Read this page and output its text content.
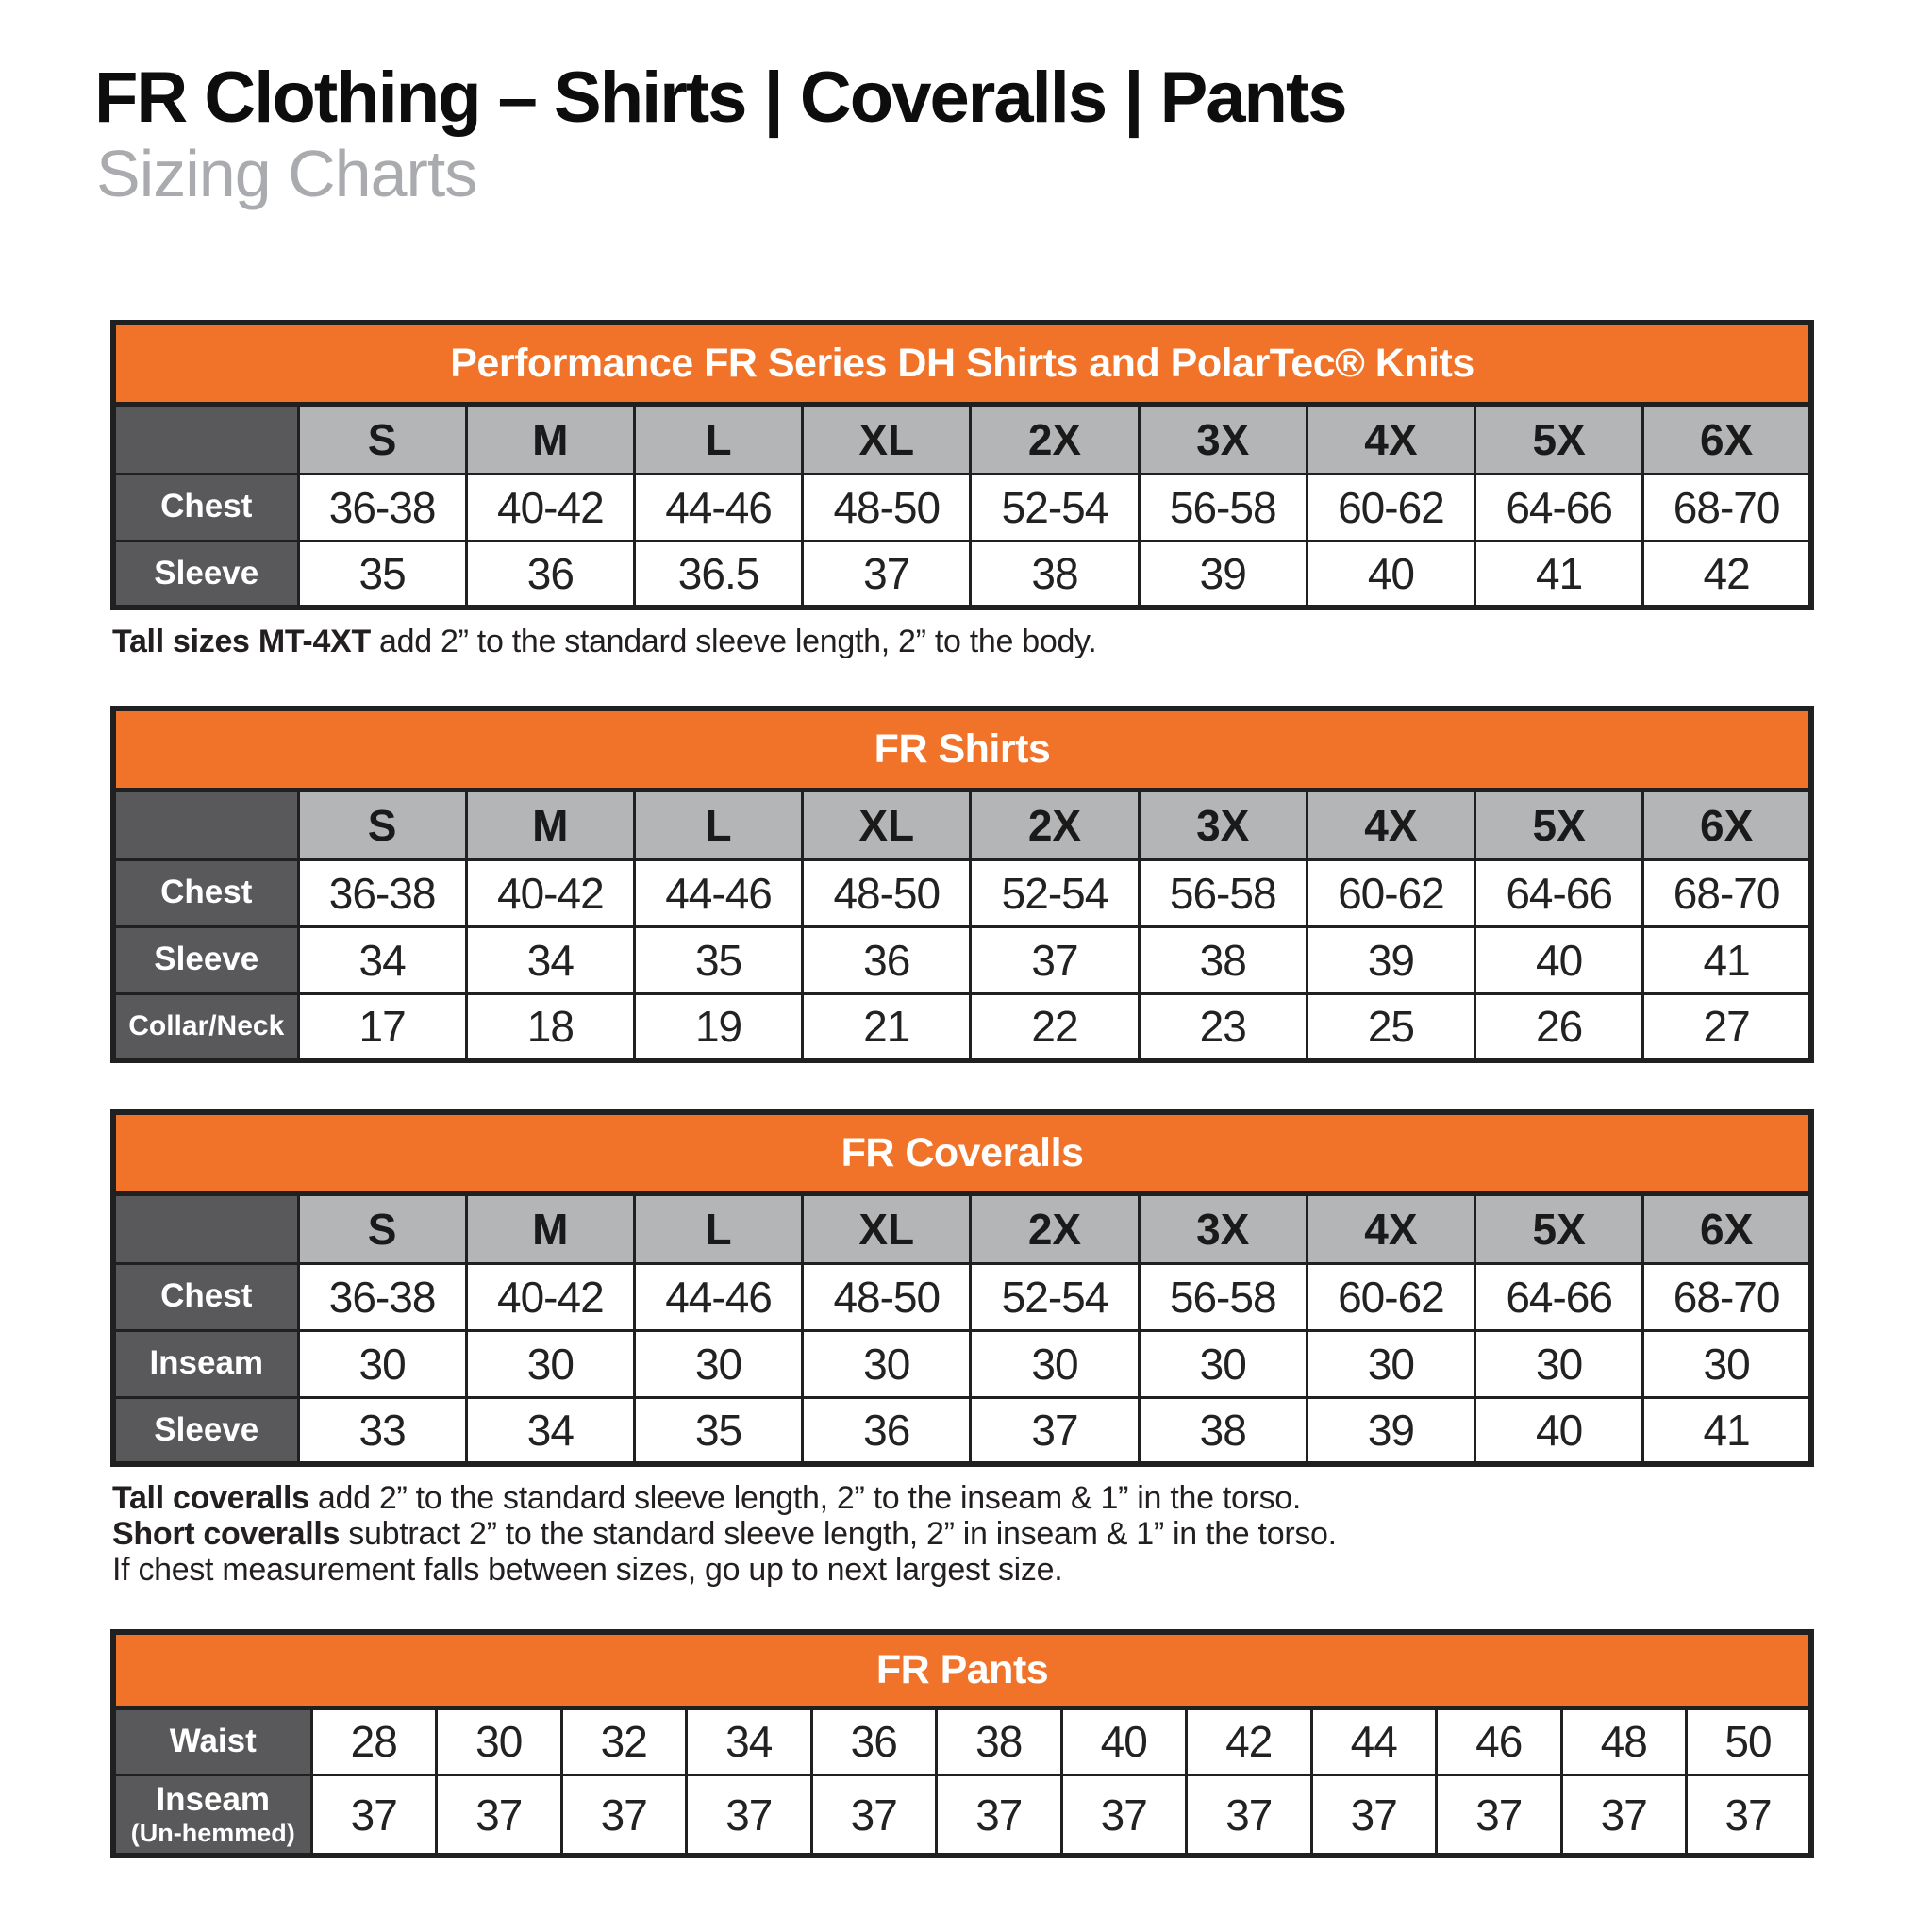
FR Clothing – Shirts | Coveralls | Pants
Sizing Charts
Performance FR Series DH Shirts and PolarTec® Knits									
	S	M	L	XL	2X	3X	4X	5X	6X
Chest	36-38	40-42	44-46	48-50	52-54	56-58	60-62	64-66	68-70
Sleeve	35	36	36.5	37	38	39	40	41	42

Tall sizes MT-4XT add 2” to the standard sleeve length, 2” to the body.

FR Shirts									
	S	M	L	XL	2X	3X	4X	5X	6X
Chest	36-38	40-42	44-46	48-50	52-54	56-58	60-62	64-66	68-70
Sleeve	34	34	35	36	37	38	39	40	41
Collar/Neck	17	18	19	21	22	23	25	26	27
FR Coveralls									
	S	M	L	XL	2X	3X	4X	5X	6X
Chest	36-38	40-42	44-46	48-50	52-54	56-58	60-62	64-66	68-70
Inseam	30	30	30	30	30	30	30	30	30
Sleeve	33	34	35	36	37	38	39	40	41

Tall coveralls add 2” to the standard sleeve length, 2” to the inseam & 1” in the torso.

Short coveralls subtract 2” to the standard sleeve length, 2” in inseam & 1” in the torso.

If chest measurement falls between sizes, go up to next largest size.

FR Pants												
Waist	28	30	32	34	36	38	40	42	44	46	48	50
Inseam
(Un-hemmed)	37	37	37	37	37	37	37	37	37	37	37	37
